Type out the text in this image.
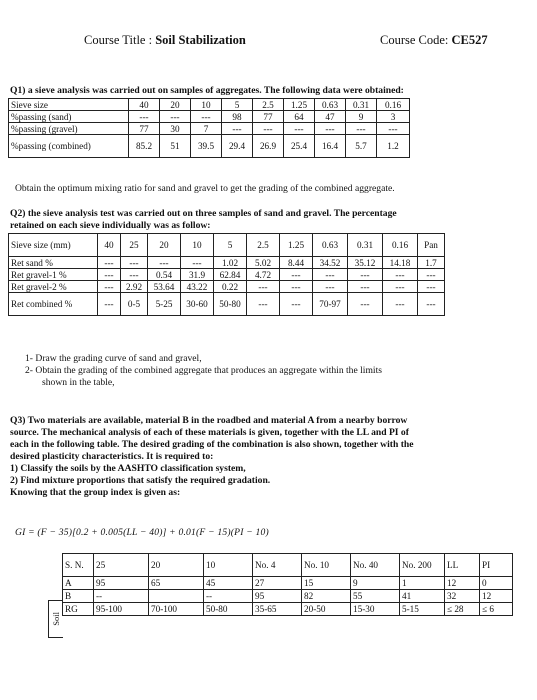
Course Title : Soil Stabilization	Course Code: CE527
Q1) a sieve analysis was carried out on samples of aggregates. The following data were obtained:
Sieve size	40	20	10	5	2.5	1.25	0.63	0.31	0.16
%passing (sand)	---	---	---	98	77	64	47	9	3
%passing (gravel)	77	30	7	---	---	---	---	---	---
%passing (combined)	85.2	51	39.5	29.4	26.9	25.4	16.4	5.7	1.2
Obtain the optimum mixing ratio for sand and gravel to get the grading of the combined aggregate.
Q2) the sieve analysis test was carried out on three samples of sand and gravel. The percentage
retained on each sieve individually was as follow:
Sieve size (mm)	40	25	20	10	5	2.5	1.25	0.63	0.31	0.16	Pan
Ret sand %	---	---	---	---	1.02	5.02	8.44	34.52	35.12	14.18	1.7
Ret gravel-1 %	---	---	0.54	31.9	62.84	4.72	---	---	---	---	---
Ret gravel-2 %	---	2.92	53.64	43.22	0.22	---	---	---	---	---	---
Ret combined %	---	0-5	5-25	30-60	50-80	---	---	70-97	---	---	---
1- Draw the grading curve of sand and gravel,
2- Obtain the grading of the combined aggregate that produces an aggregate within the limits
shown in the table,
Q3) Two materials are available, material B in the roadbed and material A from a nearby borrow
source. The mechanical analysis of each of these materials is given, together with the LL and PI of
each in the following table. The desired grading of the combination is also shown, together with the
desired plasticity characteristics. It is required to:
1) Classify the soils by the AASHTO classification system,
2) Find mixture proportions that satisfy the required gradation.
Knowing that the group index is given as:
GI = (F − 35)[0.2 + 0.005(LL − 40)] + 0.01(F − 15)(PI − 10)
Soil
S. N.	25	20	10	No. 4	No. 10	No. 40	No. 200	LL	PI
A	95	65	45	27	15	9	1	12	0
B	--		--	95	82	55	41	32	12
RG	95-100	70-100	50-80	35-65	20-50	15-30	5-15	≤ 28	≤ 6
